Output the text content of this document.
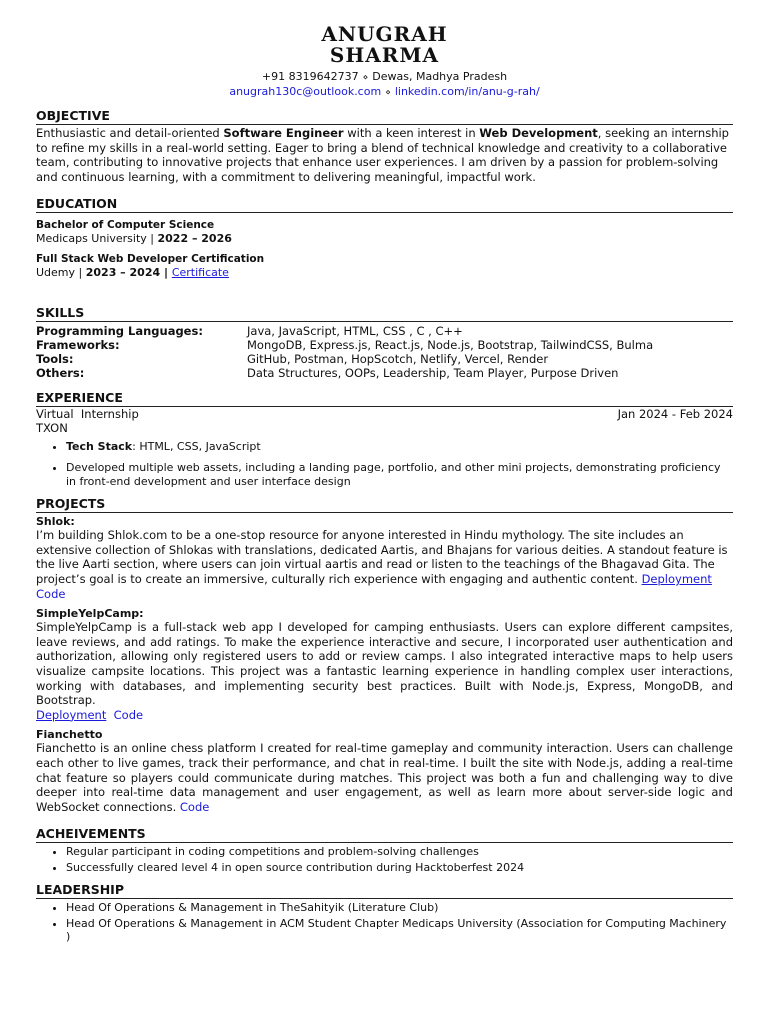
ANUGRAH
SHARMA
+91 8319642737 ⋄ Dewas, Madhya Pradesh
anugrah130c@outlook.com ⋄ linkedin.com/in/anu-g-rah/
OBJECTIVE
Enthusiastic and detail-oriented Software Engineer with a keen interest in Web Development, seeking an internship to refine my skills in a real-world setting. Eager to bring a blend of technical knowledge and creativity to a collaborative team, contributing to innovative projects that enhance user experiences. I am driven by a passion for problem-solving and continuous learning, with a commitment to delivering meaningful, impactful work.
EDUCATION
Bachelor of Computer Science
Medicaps University | 2022 – 2026
Full Stack Web Developer Certification
Udemy | 2023 – 2024 | Certificate
SKILLS
Programming Languages:	Java, JavaScript, HTML, CSS , C , C++
Frameworks:	MongoDB, Express.js, React.js, Node.js, Bootstrap, TailwindCSS, Bulma
Tools:	GitHub, Postman, HopScotch, Netlify, Vercel, Render
Others:	Data Structures, OOPs, Leadership, Team Player, Purpose Driven
EXPERIENCE
Virtual  Internship	Jan 2024 - Feb 2024
TXON
• Tech Stack: HTML, CSS, JavaScript
• Developed multiple web assets, including a landing page, portfolio, and other mini projects, demonstrating proficiency in front-end development and user interface design
PROJECTS
Shlok:
I’m building Shlok.com to be a one-stop resource for anyone interested in Hindu mythology. The site includes an extensive collection of Shlokas with translations, dedicated Aartis, and Bhajans for various deities. A standout feature is the live Aarti section, where users can join virtual aartis and read or listen to the teachings of the Bhagavad Gita. The project’s goal is to create an immersive, culturally rich experience with engaging and authentic content. Deployment  Code
SimpleYelpCamp:
SimpleYelpCamp is a full-stack web app I developed for camping enthusiasts. Users can explore different campsites, leave reviews, and add ratings. To make the experience interactive and secure, I incorporated user authentication and authorization, allowing only registered users to add or review camps. I also integrated interactive maps to help users visualize campsite locations. This project was a fantastic learning experience in handling complex user interactions, working with databases, and implementing security best practices. Built with Node.js, Express, MongoDB, and Bootstrap.
Deployment Code
Fianchetto
Fianchetto is an online chess platform I created for real-time gameplay and community interaction. Users can challenge each other to live games, track their performance, and chat in real-time. I built the site with Node.js, adding a real-time chat feature so players could communicate during matches. This project was both a fun and challenging way to dive deeper into real-time data management and user engagement, as well as learn more about server-side logic and WebSocket connections. Code
ACHEIVEMENTS
• Regular participant in coding competitions and problem-solving challenges
• Successfully cleared level 4 in open source contribution during Hacktoberfest 2024
LEADERSHIP
• Head Of Operations & Management in TheSahityik (Literature Club)
• Head Of Operations & Management in ACM Student Chapter Medicaps University (Association for Computing Machinery )
